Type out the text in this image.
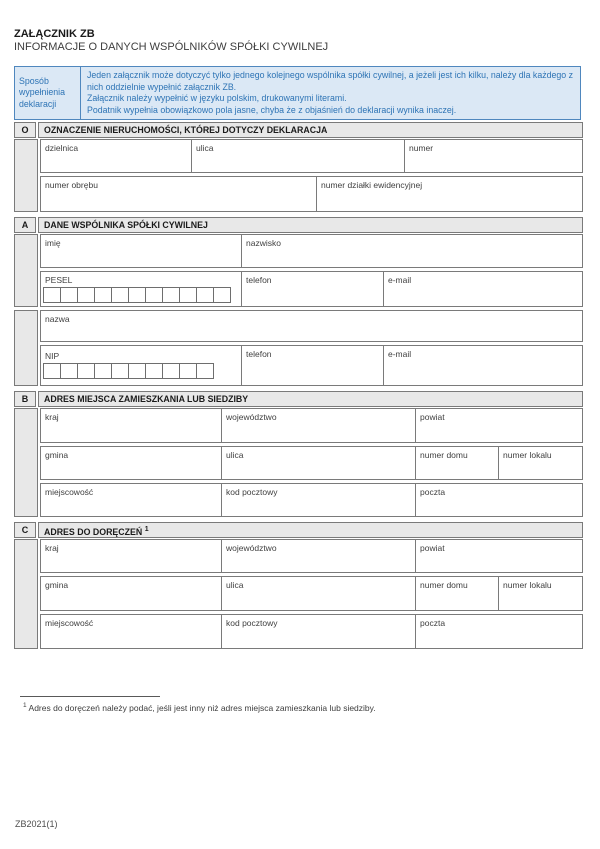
ZAŁĄCZNIK ZB
INFORMACJE O DANYCH WSPÓLNIKÓW SPÓŁKI CYWILNEJ
Sposób wypełnienia deklaracji
Jeden załącznik może dotyczyć tylko jednego kolejnego wspólnika spółki cywilnej, a jeżeli jest ich kilku, należy dla każdego z nich oddzielnie wypełnić załącznik ZB.
Załącznik należy wypełnić w języku polskim, drukowanymi literami.
Podatnik wypełnia obowiązkowo pola jasne, chyba że z objaśnień do deklaracji wynika inaczej.
O	OZNACZENIE NIERUCHOMOŚCI, KTÓREJ DOTYCZY DEKLARACJA
dzielnica	ulica	numer
numer obrębu	numer działki ewidencyjnej
A	DANE WSPÓLNIKA SPÓŁKI CYWILNEJ
imię	nazwisko
PESEL	telefon	e-mail
nazwa
NIP	telefon	e-mail
B	ADRES MIEJSCA ZAMIESZKANIA LUB SIEDZIBY
kraj	województwo	powiat
gmina	ulica	numer domu	numer lokalu
miejscowość	kod pocztowy	poczta
C	ADRES DO DORĘCZEŃ $^1$
kraj	województwo	powiat
gmina	ulica	numer domu	numer lokalu
miejscowość	kod pocztowy	poczta
$^1$ Adres do doręczeń należy podać, jeśli jest inny niż adres miejsca zamieszkania lub siedziby.
ZB2021(1)
